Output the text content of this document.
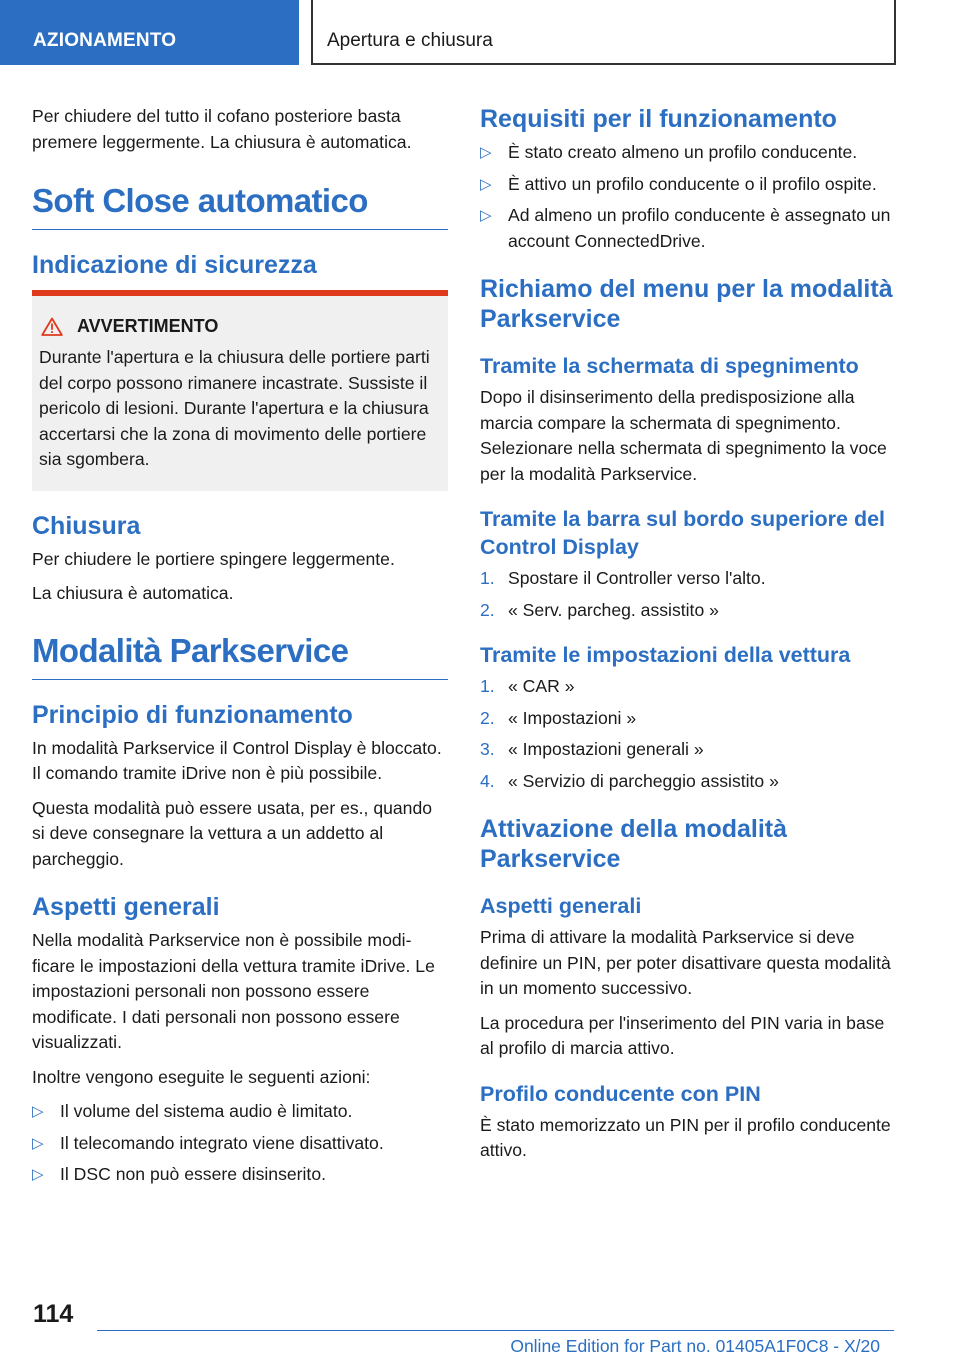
AZIONAMENTO	Apertura e chiusura

Per chiudere del tutto il cofano posteriore basta premere leggermente. La chiusura è automatica.

Soft Close automatico
Indicazione di sicurezza
AVVERTIMENTO

Durante l'apertura e la chiusura delle portiere parti del corpo possono rimanere incastrate. Sussiste il pericolo di lesioni. Durante l'apertura e la chiusura accertarsi che la zona di movimento delle portiere sia sgombera.

Chiusura

Per chiudere le portiere spingere leggermente.

La chiusura è automatica.

Modalità Parkservice
Principio di funzionamento

In modalità Parkservice il Control Display è bloccato. Il comando tramite iDrive non è più possibile.

Questa modalità può essere usata, per es., quando si deve consegnare la vettura a un addetto al parcheggio.

Aspetti generali

Nella modalità Parkservice non è possibile modificare le impostazioni della vettura tramite iDrive. Le impostazioni personali non possono essere modificate. I dati personali non possono essere visualizzati.

Inoltre vengono eseguite le seguenti azioni:

▷ Il volume del sistema audio è limitato.
▷ Il telecomando integrato viene disattivato.
▷ Il DSC non può essere disinserito.
Requisiti per il funzionamento
▷ È stato creato almeno un profilo conducente.
▷ È attivo un profilo conducente o il profilo ospite.
▷ Ad almeno un profilo conducente è assegnato un account ConnectedDrive.
Richiamo del menu per la modalità Parkservice
Tramite la schermata di spegnimento

Dopo il disinserimento della predisposizione alla marcia compare la schermata di spegnimento. Selezionare nella schermata di spegnimento la voce per la modalità Parkservice.

Tramite la barra sul bordo superiore del Control Display
1. Spostare il Controller verso l'alto.
2. « Serv. parcheg. assistito »
Tramite le impostazioni della vettura
1. « CAR »
2. « Impostazioni »
3. « Impostazioni generali »
4. « Servizio di parcheggio assistito »
Attivazione della modalità Parkservice
Aspetti generali

Prima di attivare la modalità Parkservice si deve definire un PIN, per poter disattivare questa modalità in un momento successivo.

La procedura per l'inserimento del PIN varia in base al profilo di marcia attivo.

Profilo conducente con PIN

È stato memorizzato un PIN per il profilo conducente attivo.

114
Online Edition for Part no. 01405A1F0C8 - X/20
